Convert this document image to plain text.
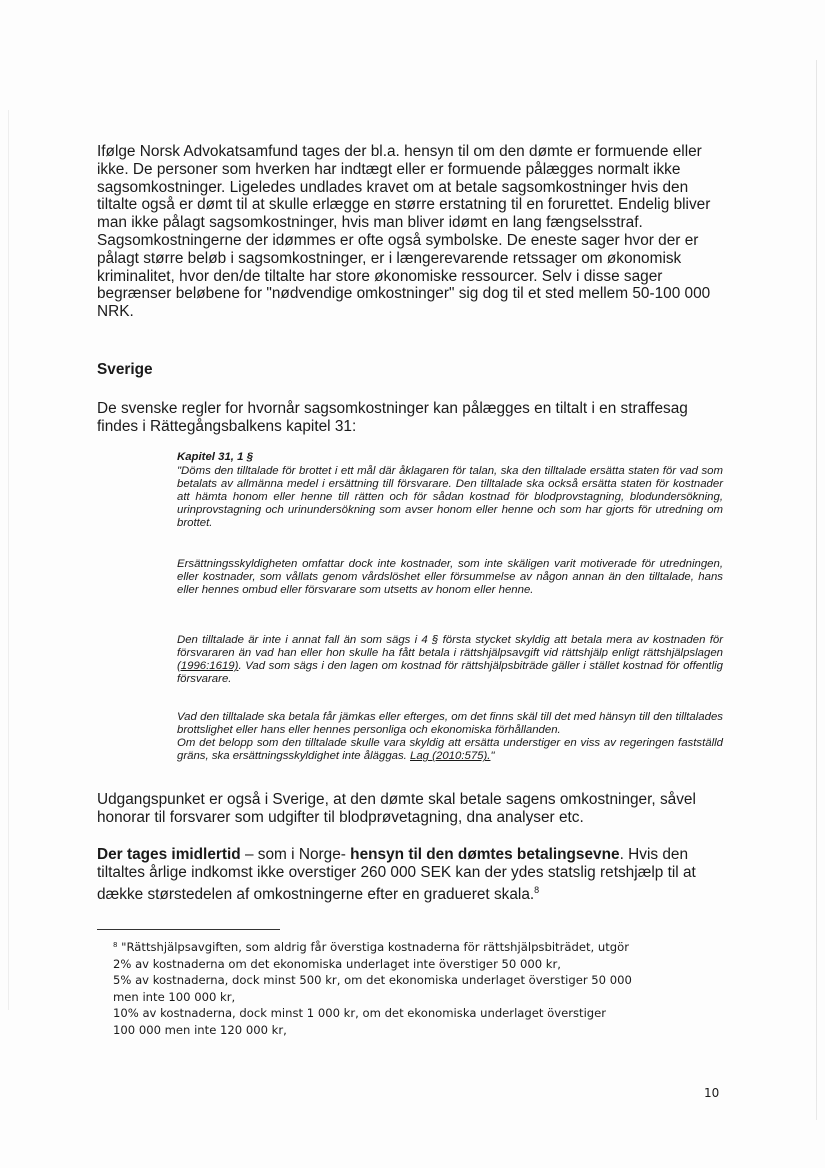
Ifølge Norsk Advokatsamfund tages der bl.a. hensyn til om den dømte er formuende eller
ikke. De personer som hverken har indtægt eller er formuende pålægges normalt ikke
sagsomkostninger. Ligeledes undlades kravet om at betale sagsomkostninger hvis den
tiltalte også er dømt til at skulle erlægge en større erstatning til en forurettet. Endelig bliver
man ikke pålagt sagsomkostninger, hvis man bliver idømt en lang fængselsstraf.
Sagsomkostningerne der idømmes er ofte også symbolske. De eneste sager hvor der er
pålagt større beløb i sagsomkostninger, er i længerevarende retssager om økonomisk
kriminalitet, hvor den/de tiltalte har store økonomiske ressourcer. Selv i disse sager
begrænser beløbene for "nødvendige omkostninger" sig dog til et sted mellem 50-100 000
NRK.

Sverige

De svenske regler for hvornår sagsomkostninger kan pålægges en tiltalt i en straffesag
findes i Rättegångsbalkens kapitel 31:

Kapitel 31, 1 §

"Döms den tilltalade för brottet i ett mål där åklagaren för talan, ska den tilltalade ersätta staten för vad som betalats av allmänna medel i ersättning till försvarare. Den tilltalade ska också ersätta staten för kostnader att hämta honom eller henne till rätten och för sådan kostnad för blodprovstagning, blodundersökning, urinprovstagning och urinundersökning som avser honom eller henne och som har gjorts för utredning om brottet.

Ersättningsskyldigheten omfattar dock inte kostnader, som inte skäligen varit motiverade för utredningen, eller kostnader, som vållats genom vårdslöshet eller försummelse av någon annan än den tilltalade, hans eller hennes ombud eller försvarare som utsetts av honom eller henne.

Den tilltalade är inte i annat fall än som sägs i 4 § första stycket skyldig att betala mera av kostnaden för försvararen än vad han eller hon skulle ha fått betala i rättshjälpsavgift vid rättshjälp enligt rättshjälpslagen (1996:1619). Vad som sägs i den lagen om kostnad för rättshjälpsbiträde gäller i stället kostnad för offentlig försvarare.

Vad den tilltalade ska betala får jämkas eller efterges, om det finns skäl till det med hänsyn till den tilltalades brottslighet eller hans eller hennes personliga och ekonomiska förhållanden.
Om det belopp som den tilltalade skulle vara skyldig att ersätta understiger en viss av regeringen fastställd gräns, ska ersättningsskyldighet inte åläggas. Lag (2010:575)."

Udgangspunket er også i Sverige, at den dømte skal betale sagens omkostninger, såvel
honorar til forsvarer som udgifter til blodprøvetagning, dna analyser etc.

Der tages imidlertid – som i Norge- hensyn til den dømtes betalingsevne. Hvis den
tiltaltes årlige indkomst ikke overstiger 260 000 SEK kan der ydes statslig retshjælp til at
dække størstedelen af omkostningerne efter en gradueret skala.$^8$

$^8$ "Rättshjälpsavgiften, som aldrig får överstiga kostnaderna för rättshjälpsbiträdet, utgör
2% av kostnaderna om det ekonomiska underlaget inte överstiger 50 000 kr,
5% av kostnaderna, dock minst 500 kr, om det ekonomiska underlaget överstiger 50 000
men inte 100 000 kr,
10% av kostnaderna, dock minst 1 000 kr, om det ekonomiska underlaget överstiger
100 000 men inte 120 000 kr,

10
